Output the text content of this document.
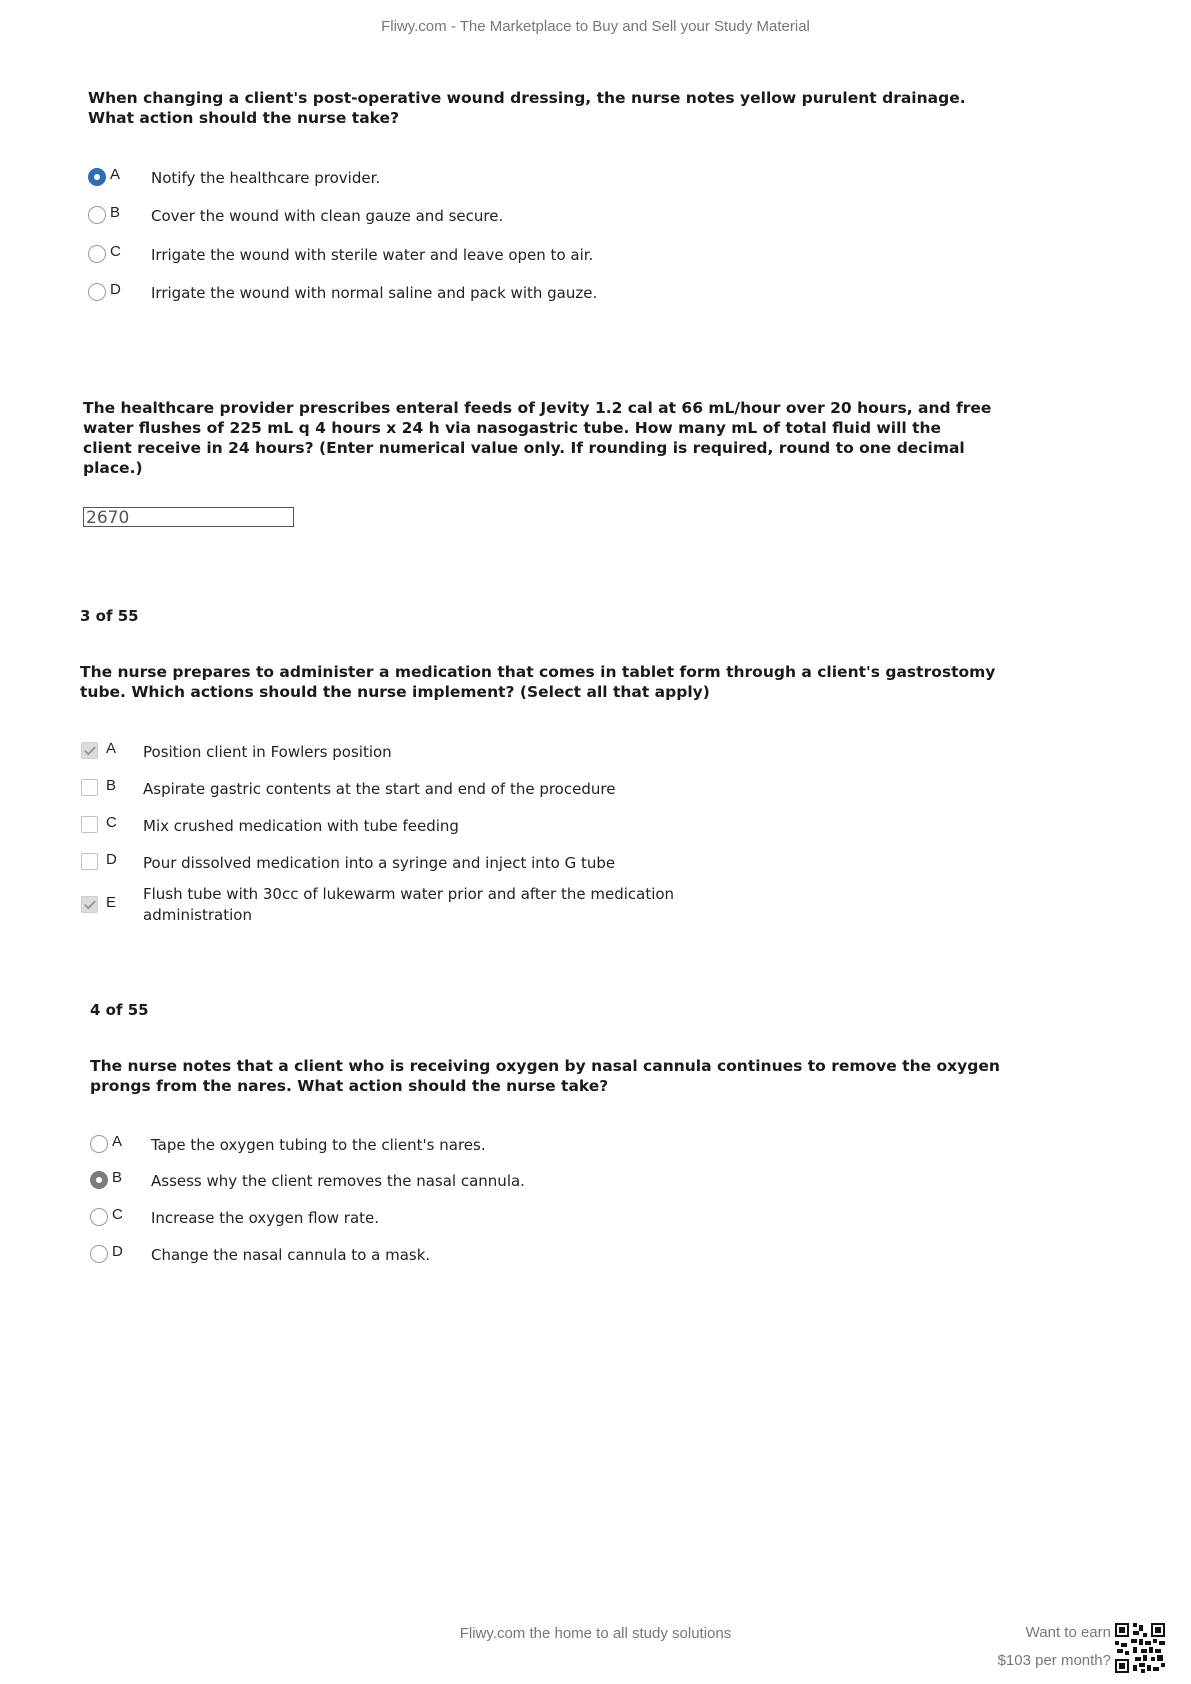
Fliwy.com - The Marketplace to Buy and Sell your Study Material
When changing a client's post-operative wound dressing, the nurse notes yellow purulent drainage.
What action should the nurse take?
A Notify the healthcare provider.
B Cover the wound with clean gauze and secure.
C Irrigate the wound with sterile water and leave open to air.
D Irrigate the wound with normal saline and pack with gauze.
The healthcare provider prescribes enteral feeds of Jevity 1.2 cal at 66 mL/hour over 20 hours, and free
water flushes of 225 mL q 4 hours x 24 h via nasogastric tube. How many mL of total fluid will the
client receive in 24 hours? (Enter numerical value only. If rounding is required, round to one decimal
place.)
2670
3 of 55
The nurse prepares to administer a medication that comes in tablet form through a client's gastrostomy
tube. Which actions should the nurse implement? (Select all that apply)
A Position client in Fowlers position
B Aspirate gastric contents at the start and end of the procedure
C Mix crushed medication with tube feeding
D Pour dissolved medication into a syringe and inject into G tube
E Flush tube with 30cc of lukewarm water prior and after the medication
administration
4 of 55
The nurse notes that a client who is receiving oxygen by nasal cannula continues to remove the oxygen
prongs from the nares. What action should the nurse take?
A Tape the oxygen tubing to the client's nares.
B Assess why the client removes the nasal cannula.
C Increase the oxygen flow rate.
D Change the nasal cannula to a mask.
Fliwy.com the home to all study solutions	Want to earn
$103 per month?
